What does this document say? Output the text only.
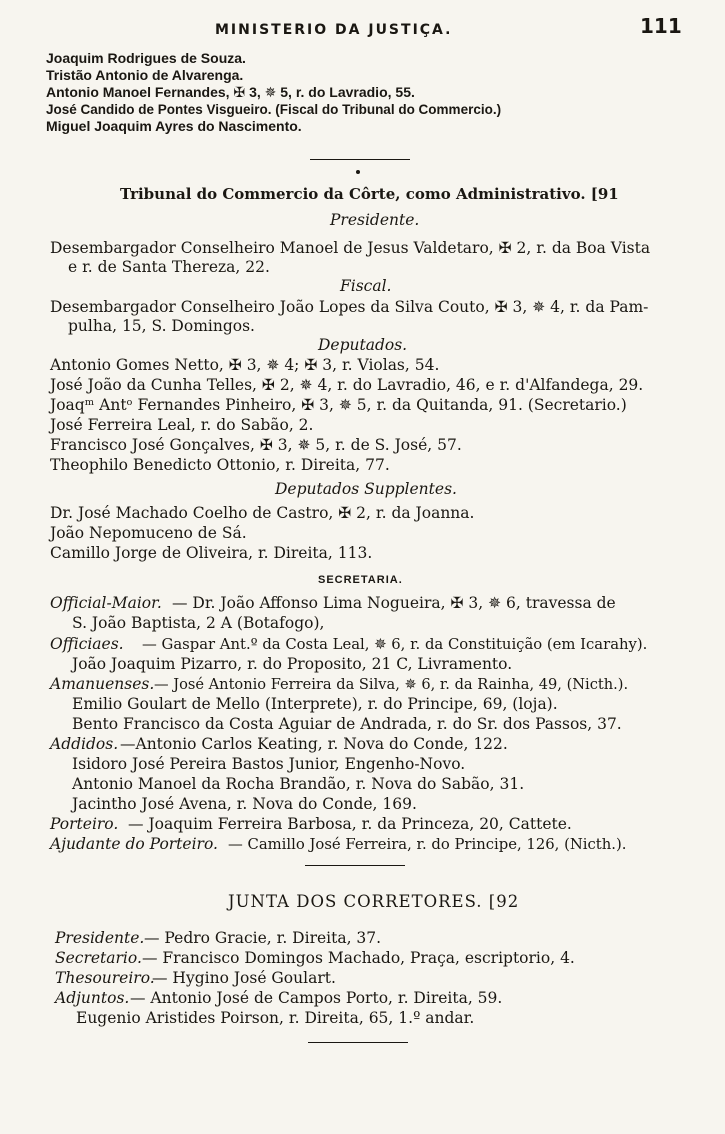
MINISTERIO DA JUSTIÇA.	111
Joaquim Rodrigues de Souza.
Tristão Antonio de Alvarenga.
Antonio Manoel Fernandes, ✠ 3, ✵ 5, r. do Lavradio, 55.
José Candido de Pontes Visgueiro. (Fiscal do Tribunal do Commercio.)
Miguel Joaquim Ayres do Nascimento.
Tribunal do Commercio da Côrte, como Administrativo. [91
Presidente.
Desembargador Conselheiro Manoel de Jesus Valdetaro, ✠ 2, r. da Boa Vista
e r. de Santa Thereza, 22.
Fiscal.
Desembargador Conselheiro João Lopes da Silva Couto, ✠ 3, ✵ 4, r. da Pam-
pulha, 15, S. Domingos.
Deputados.
Antonio Gomes Netto, ✠ 3, ✵ 4; ✠ 3, r. Violas, 54.
José João da Cunha Telles, ✠ 2, ✵ 4, r. do Lavradio, 46, e r. d'Alfandega, 29.
Joaqᵐ Antᵒ Fernandes Pinheiro, ✠ 3, ✵ 5, r. da Quitanda, 91. (Secretario.)
José Ferreira Leal, r. do Sabão, 2.
Francisco José Gonçalves, ✠ 3, ✵ 5, r. de S. José, 57.
Theophilo Benedicto Ottonio, r. Direita, 77.
Deputados Supplentes.
Dr. José Machado Coelho de Castro, ✠ 2, r. da Joanna.
João Nepomuceno de Sá.
Camillo Jorge de Oliveira, r. Direita, 113.
SECRETARIA.
Official-Maior. — Dr. João Affonso Lima Nogueira, ✠ 3, ✵ 6, travessa de
S. João Baptista, 2 A (Botafogo),
Officiaes. — Gaspar Ant.º da Costa Leal, ✵ 6, r. da Constituição (em Icarahy).
João Joaquim Pizarro, r. do Proposito, 21 C, Livramento.
Amanuenses. — José Antonio Ferreira da Silva, ✵ 6, r. da Rainha, 49, (Nicth.).
Emilio Goulart de Mello (Interprete), r. do Principe, 69, (loja).
Bento Francisco da Costa Aguiar de Andrada, r. do Sr. dos Passos, 37.
Addidos. —Antonio Carlos Keating, r. Nova do Conde, 122.
Isidoro José Pereira Bastos Junior, Engenho-Novo.
Antonio Manoel da Rocha Brandão, r. Nova do Sabão, 31.
Jacintho José Avena, r. Nova do Conde, 169.
Porteiro. — Joaquim Ferreira Barbosa, r. da Princeza, 20, Cattete.
Ajudante do Porteiro. — Camillo José Ferreira, r. do Principe, 126, (Nicth.).
JUNTA DOS CORRETORES. [92
Presidente. — Pedro Gracie, r. Direita, 37.
Secretario. — Francisco Domingos Machado, Praça, escriptorio, 4.
Thesoureiro.
— Hygino José Goulart.
Adjuntos. — Antonio José de Campos Porto, r. Direita, 59.
Eugenio Aristides Poirson, r. Direita, 65, 1.º andar.
